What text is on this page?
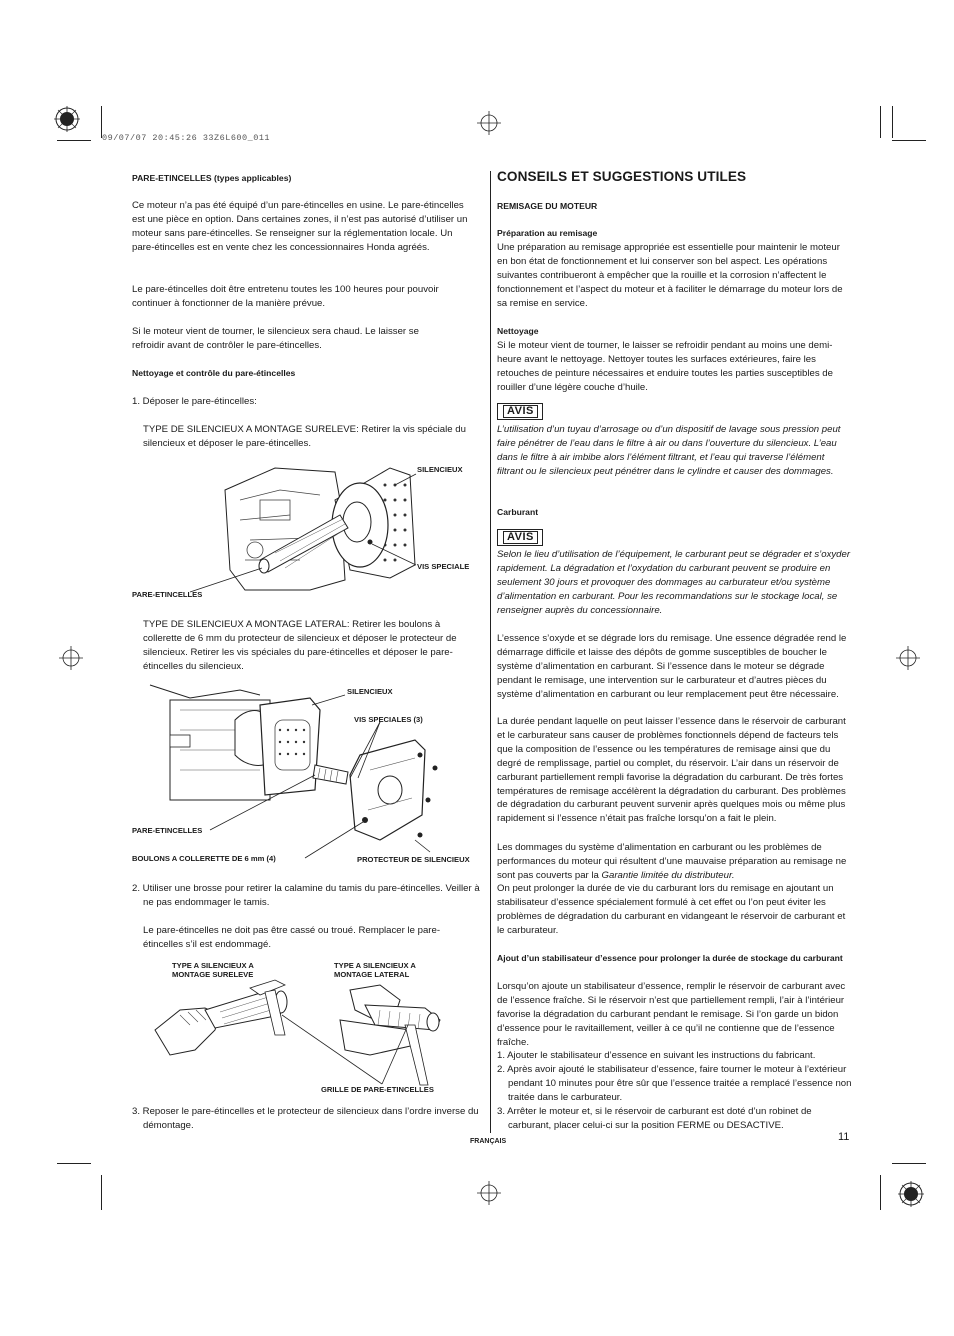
09/07/07 20:45:26 33Z6L600_011
PARE-ETINCELLES (types applicables)

Ce moteur n’a pas été équipé d’un pare-étincelles en usine. Le pare-étincelles est une pièce en option. Dans certaines zones, il n’est pas autorisé d’utiliser un moteur sans pare-étincelles. Se renseigner sur la réglementation locale. Un pare-étincelles est en vente chez les concessionnaires Honda agréés.

Le pare-étincelles doit être entretenu toutes les 100 heures pour pouvoir continuer à fonctionner de la manière prévue.

Si le moteur vient de tourner, le silencieux sera chaud. Le laisser se refroidir avant de contrôler le pare-étincelles.

Nettoyage et contrôle du pare-étincelles

1. Déposer le pare-étincelles:

TYPE DE SILENCIEUX A MONTAGE SURELEVE: Retirer la vis spéciale du silencieux et déposer le pare-étincelles.

SILENCIEUX
VIS SPECIALE
PARE-ETINCELLES

TYPE DE SILENCIEUX A MONTAGE LATERAL: Retirer les boulons à collerette de 6 mm du protecteur de silencieux et déposer le protecteur de silencieux. Retirer les vis spéciales du pare-étincelles et déposer le pare-étincelles du silencieux.

SILENCIEUX
VIS SPECIALES (3)
PARE-ETINCELLES
BOULONS A COLLERETTE DE 6 mm (4)	PROTECTEUR DE SILENCIEUX

2. Utiliser une brosse pour retirer la calamine du tamis du pare-étincelles. Veiller à ne pas endommager le tamis.

Le pare-étincelles ne doit pas être cassé ou troué. Remplacer le pare-étincelles s’il est endommagé.

TYPE A SILENCIEUX A
MONTAGE SURELEVE
TYPE A SILENCIEUX A
MONTAGE LATERAL
GRILLE DE PARE-ETINCELLES

3. Reposer le pare-étincelles et le protecteur de silencieux dans l’ordre inverse du démontage.

CONSEILS ET SUGGESTIONS UTILES
REMISAGE DU MOTEUR
Préparation au remisage

Une préparation au remisage appropriée est essentielle pour maintenir le moteur en bon état de fonctionnement et lui conserver son bel aspect. Les opérations suivantes contribueront à empêcher que la rouille et la corrosion n’affectent le fonctionnement et l’aspect du moteur et à faciliter le démarrage du moteur lors de sa remise en service.

Nettoyage

Si le moteur vient de tourner, le laisser se refroidir pendant au moins une demi-heure avant le nettoyage. Nettoyer toutes les surfaces extérieures, faire les retouches de peinture nécessaires et enduire toutes les parties susceptibles de rouiller d’une légère couche d’huile.

AVIS

L’utilisation d’un tuyau d’arrosage ou d’un dispositif de lavage sous pression peut faire pénétrer de l’eau dans le filtre à air ou dans l’ouverture du silencieux. L’eau dans le filtre à air imbibe alors l’élément filtrant, et l’eau qui traverse l’élément filtrant ou le silencieux peut pénétrer dans le cylindre et causer des dommages.

Carburant
AVIS

Selon le lieu d’utilisation de l’équipement, le carburant peut se dégrader et s’oxyder rapidement. La dégradation et l’oxydation du carburant peuvent se produire en seulement 30 jours et provoquer des dommages au carburateur et/ou système d’alimentation en carburant. Pour les recommandations sur le stockage local, se renseigner auprès du concessionnaire.

L’essence s’oxyde et se dégrade lors du remisage. Une essence dégradée rend le démarrage difficile et laisse des dépôts de gomme susceptibles de boucher le système d’alimentation en carburant. Si l’essence dans le moteur se dégrade pendant le remisage, une intervention sur le carburateur et d’autres pièces du système d’alimentation en carburant ou leur remplacement peut être nécessaire.

La durée pendant laquelle on peut laisser l’essence dans le réservoir de carburant et le carburateur sans causer de problèmes fonctionnels dépend de facteurs tels que la composition de l’essence ou les températures de remisage ainsi que du degré de remplissage, partiel ou complet, du réservoir. L’air dans un réservoir de carburant partiellement rempli favorise la dégradation du carburant. De très fortes températures de remisage accélèrent la dégradation du carburant. Des problèmes de dégradation du carburant peuvent survenir après quelques mois ou même plus rapidement si l’essence n’était pas fraîche lorsqu’on a fait le plein.

Les dommages du système d’alimentation en carburant ou les problèmes de performances du moteur qui résultent d’une mauvaise préparation au remisage ne sont pas couverts par la Garantie limitée du distributeur.

On peut prolonger la durée de vie du carburant lors du remisage en ajoutant un stabilisateur d’essence spécialement formulé à cet effet ou l’on peut éviter les problèmes de dégradation du carburant en vidangeant le réservoir de carburant et le carburateur.

Ajout d’un stabilisateur d’essence pour prolonger la durée de stockage du carburant

Lorsqu’on ajoute un stabilisateur d’essence, remplir le réservoir de carburant avec de l’essence fraîche. Si le réservoir n’est que partiellement rempli, l’air à l’intérieur favorise la dégradation du carburant pendant le remisage. Si l’on garde un bidon d’essence pour le ravitaillement, veiller à ce qu’il ne contienne que de l’essence fraîche.

1. Ajouter le stabilisateur d’essence en suivant les instructions du fabricant.
2. Après avoir ajouté le stabilisateur d’essence, faire tourner le moteur à l’extérieur pendant 10 minutes pour être sûr que l’essence traitée a remplacé l’essence non traitée dans le carburateur.
3. Arrêter le moteur et, si le réservoir de carburant est doté d’un robinet de carburant, placer celui-ci sur la position FERME ou DESACTIVE.
FRANÇAIS	11
